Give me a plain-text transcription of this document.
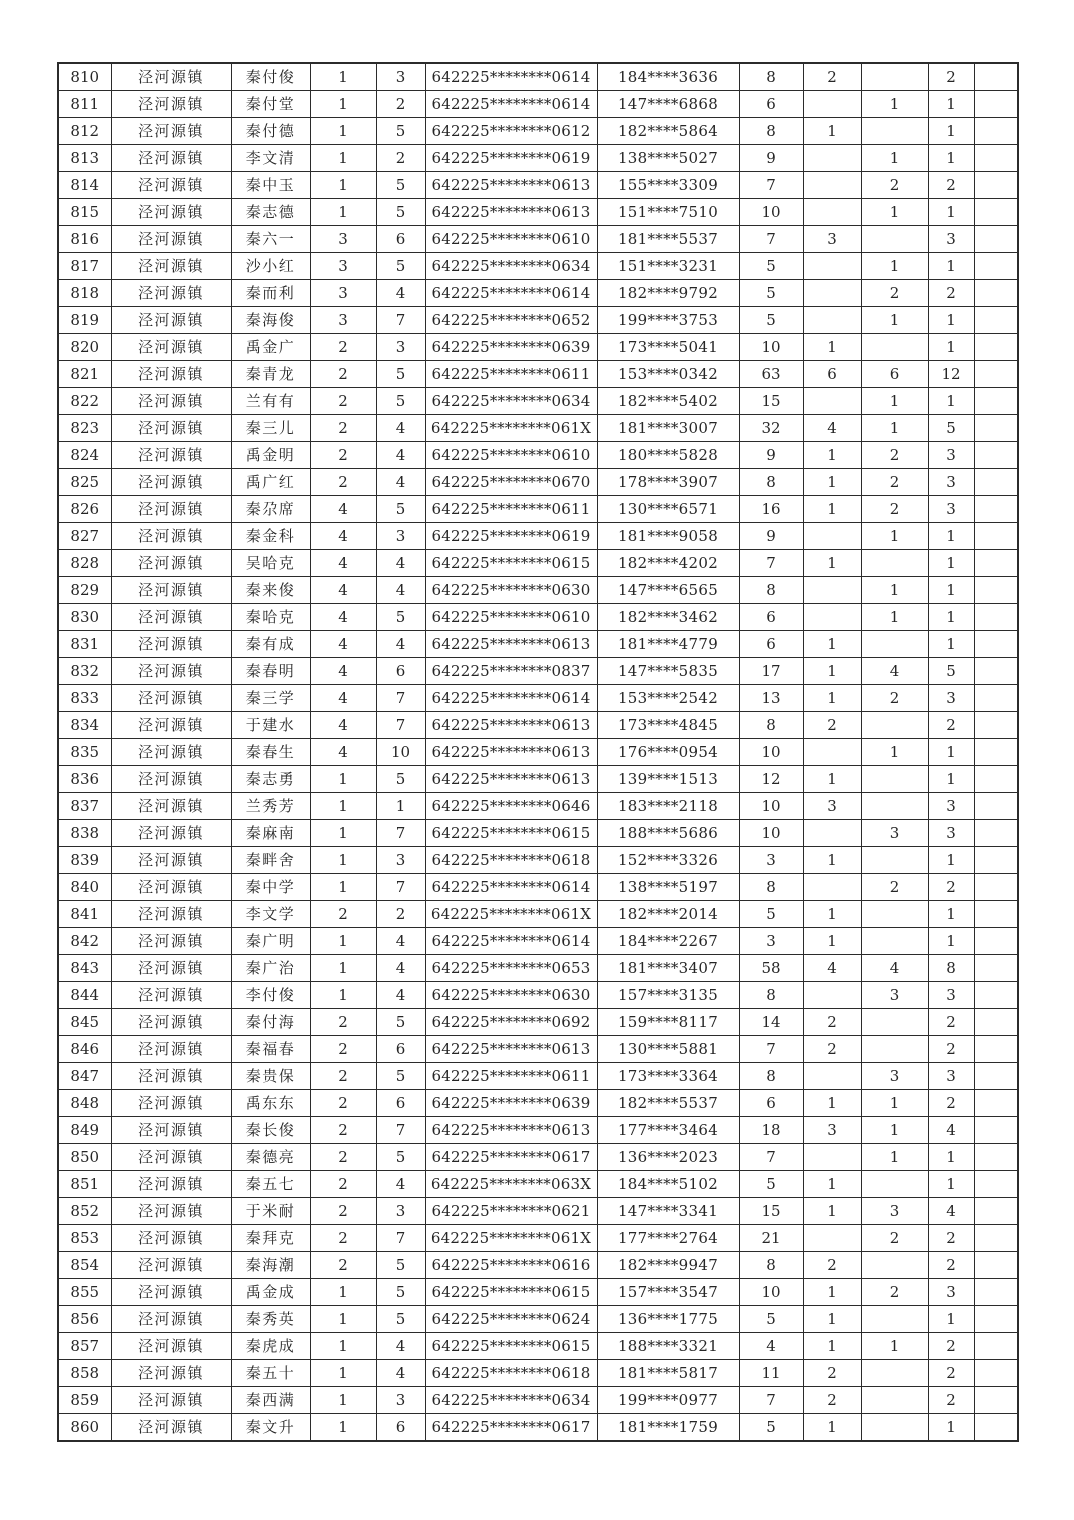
810	泾河源镇	秦付俊	1	3	642225********0614	184****3636	8	2		2	
811	泾河源镇	秦付堂	1	2	642225********0614	147****6868	6		1	1	
812	泾河源镇	秦付德	1	5	642225********0612	182****5864	8	1		1	
813	泾河源镇	李文清	1	2	642225********0619	138****5027	9		1	1	
814	泾河源镇	秦中玉	1	5	642225********0613	155****3309	7		2	2	
815	泾河源镇	秦志德	1	5	642225********0613	151****7510	10		1	1	
816	泾河源镇	秦六一	3	6	642225********0610	181****5537	7	3		3	
817	泾河源镇	沙小红	3	5	642225********0634	151****3231	5		1	1	
818	泾河源镇	秦而利	3	4	642225********0614	182****9792	5		2	2	
819	泾河源镇	秦海俊	3	7	642225********0652	199****3753	5		1	1	
820	泾河源镇	禹金广	2	3	642225********0639	173****5041	10	1		1	
821	泾河源镇	秦青龙	2	5	642225********0611	153****0342	63	6	6	12	
822	泾河源镇	兰有有	2	5	642225********0634	182****5402	15		1	1	
823	泾河源镇	秦三儿	2	4	642225********061X	181****3007	32	4	1	5	
824	泾河源镇	禹金明	2	4	642225********0610	180****5828	9	1	2	3	
825	泾河源镇	禹广红	2	4	642225********0670	178****3907	8	1	2	3	
826	泾河源镇	秦尕席	4	5	642225********0611	130****6571	16	1	2	3	
827	泾河源镇	秦金科	4	3	642225********0619	181****9058	9		1	1	
828	泾河源镇	吴哈克	4	4	642225********0615	182****4202	7	1		1	
829	泾河源镇	秦来俊	4	4	642225********0630	147****6565	8		1	1	
830	泾河源镇	秦哈克	4	5	642225********0610	182****3462	6		1	1	
831	泾河源镇	秦有成	4	4	642225********0613	181****4779	6	1		1	
832	泾河源镇	秦春明	4	6	642225********0837	147****5835	17	1	4	5	
833	泾河源镇	秦三学	4	7	642225********0614	153****2542	13	1	2	3	
834	泾河源镇	于建水	4	7	642225********0613	173****4845	8	2		2	
835	泾河源镇	秦春生	4	10	642225********0613	176****0954	10		1	1	
836	泾河源镇	秦志勇	1	5	642225********0613	139****1513	12	1		1	
837	泾河源镇	兰秀芳	1	1	642225********0646	183****2118	10	3		3	
838	泾河源镇	秦麻南	1	7	642225********0615	188****5686	10		3	3	
839	泾河源镇	秦畔舍	1	3	642225********0618	152****3326	3	1		1	
840	泾河源镇	秦中学	1	7	642225********0614	138****5197	8		2	2	
841	泾河源镇	李文学	2	2	642225********061X	182****2014	5	1		1	
842	泾河源镇	秦广明	1	4	642225********0614	184****2267	3	1		1	
843	泾河源镇	秦广治	1	4	642225********0653	181****3407	58	4	4	8	
844	泾河源镇	李付俊	1	4	642225********0630	157****3135	8		3	3	
845	泾河源镇	秦付海	2	5	642225********0692	159****8117	14	2		2	
846	泾河源镇	秦福春	2	6	642225********0613	130****5881	7	2		2	
847	泾河源镇	秦贵保	2	5	642225********0611	173****3364	8		3	3	
848	泾河源镇	禹东东	2	6	642225********0639	182****5537	6	1	1	2	
849	泾河源镇	秦长俊	2	7	642225********0613	177****3464	18	3	1	4	
850	泾河源镇	秦德亮	2	5	642225********0617	136****2023	7		1	1	
851	泾河源镇	秦五七	2	4	642225********063X	184****5102	5	1		1	
852	泾河源镇	于米耐	2	3	642225********0621	147****3341	15	1	3	4	
853	泾河源镇	秦拜克	2	7	642225********061X	177****2764	21		2	2	
854	泾河源镇	秦海潮	2	5	642225********0616	182****9947	8	2		2	
855	泾河源镇	禹金成	1	5	642225********0615	157****3547	10	1	2	3	
856	泾河源镇	秦秀英	1	5	642225********0624	136****1775	5	1		1	
857	泾河源镇	秦虎成	1	4	642225********0615	188****3321	4	1	1	2	
858	泾河源镇	秦五十	1	4	642225********0618	181****5817	11	2		2	
859	泾河源镇	秦西满	1	3	642225********0634	199****0977	7	2		2	
860	泾河源镇	秦文升	1	6	642225********0617	181****1759	5	1		1	
